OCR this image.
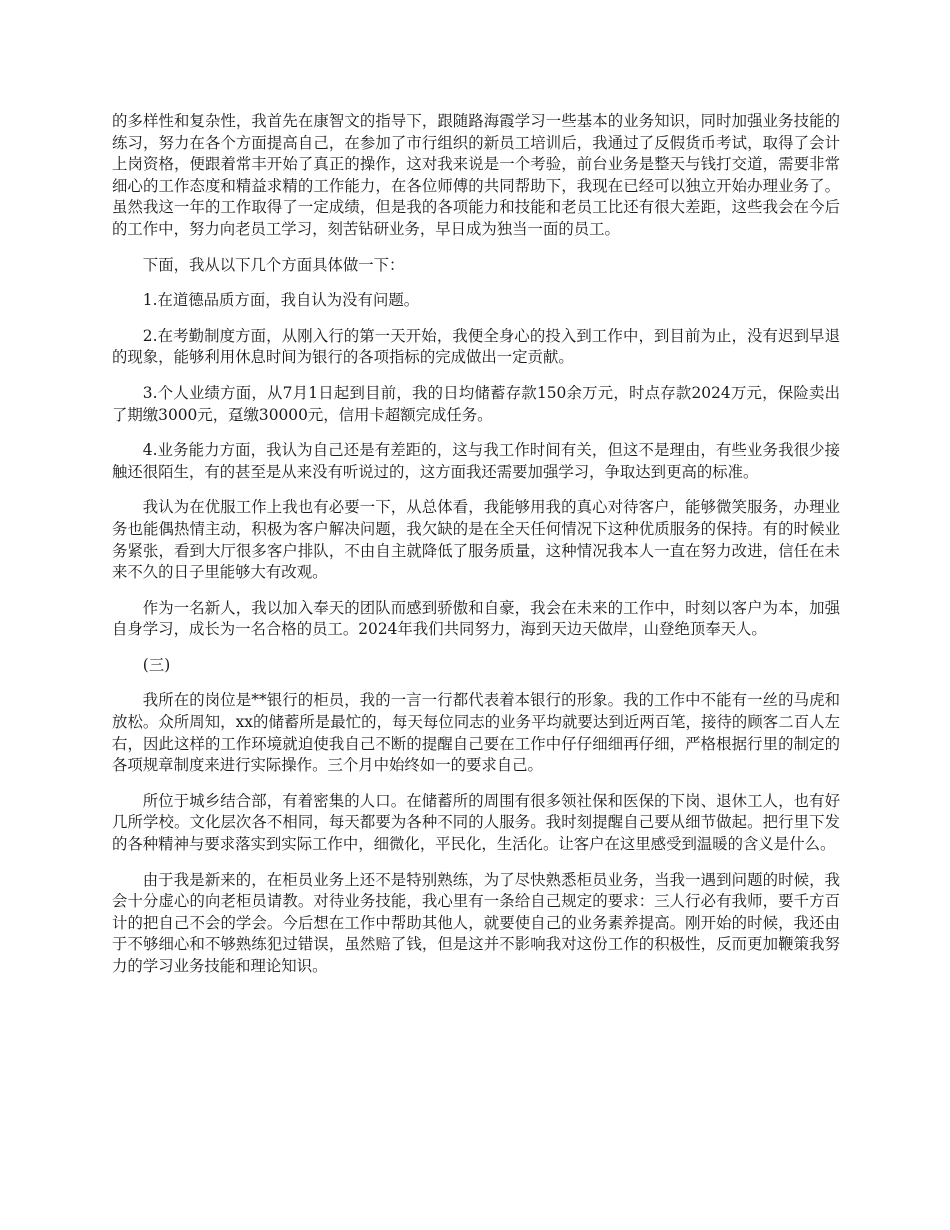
的多样性和复杂性，我首先在康智文的指导下，跟随路海霞学习一些基本的业务知识，同时加强业务技能的练习，努力在各个方面提高自己，在参加了市行组织的新员工培训后，我通过了反假货币考试，取得了会计上岗资格，便跟着常丰开始了真正的操作，这对我来说是一个考验，前台业务是整天与钱打交道，需要非常细心的工作态度和精益求精的工作能力，在各位师傅的共同帮助下，我现在已经可以独立开始办理业务了。虽然我这一年的工作取得了一定成绩，但是我的各项能力和技能和老员工比还有很大差距，这些我会在今后的工作中，努力向老员工学习，刻苦钻研业务，早日成为独当一面的员工。

下面，我从以下几个方面具体做一下：

1.在道德品质方面，我自认为没有问题。

2.在考勤制度方面，从刚入行的第一天开始，我便全身心的投入到工作中，到目前为止，没有迟到早退的现象，能够利用休息时间为银行的各项指标的完成做出一定贡献。

3.个人业绩方面，从7月1日起到目前，我的日均储蓄存款150余万元，时点存款2024万元，保险卖出了期缴3000元，趸缴30000元，信用卡超额完成任务。

4.业务能力方面，我认为自己还是有差距的，这与我工作时间有关，但这不是理由，有些业务我很少接触还很陌生，有的甚至是从来没有听说过的，这方面我还需要加强学习，争取达到更高的标准。

我认为在优服工作上我也有必要一下，从总体看，我能够用我的真心对待客户，能够微笑服务，办理业务也能偶热情主动，积极为客户解决问题，我欠缺的是在全天任何情况下这种优质服务的保持。有的时候业务紧张，看到大厅很多客户排队，不由自主就降低了服务质量，这种情况我本人一直在努力改进，信任在未来不久的日子里能够大有改观。

作为一名新人，我以加入奉天的团队而感到骄傲和自豪，我会在未来的工作中，时刻以客户为本，加强自身学习，成长为一名合格的员工。2024年我们共同努力，海到天边天做岸，山登绝顶奉天人。

(三)

我所在的岗位是**银行的柜员，我的一言一行都代表着本银行的形象。我的工作中不能有一丝的马虎和放松。众所周知，xx的储蓄所是最忙的，每天每位同志的业务平均就要达到近两百笔，接待的顾客二百人左右，因此这样的工作环境就迫使我自己不断的提醒自己要在工作中仔仔细细再仔细，严格根据行里的制定的各项规章制度来进行实际操作。三个月中始终如一的要求自己。

所位于城乡结合部，有着密集的人口。在储蓄所的周围有很多领社保和医保的下岗、退休工人，也有好几所学校。文化层次各不相同，每天都要为各种不同的人服务。我时刻提醒自己要从细节做起。把行里下发的各种精神与要求落实到实际工作中，细微化，平民化，生活化。让客户在这里感受到温暖的含义是什么。

由于我是新来的，在柜员业务上还不是特别熟练，为了尽快熟悉柜员业务，当我一遇到问题的时候，我会十分虚心的向老柜员请教。对待业务技能，我心里有一条给自己规定的要求：三人行必有我师，要千方百计的把自己不会的学会。今后想在工作中帮助其他人，就要使自己的业务素养提高。刚开始的时候，我还由于不够细心和不够熟练犯过错误，虽然赔了钱，但是这并不影响我对这份工作的积极性，反而更加鞭策我努力的学习业务技能和理论知识。
